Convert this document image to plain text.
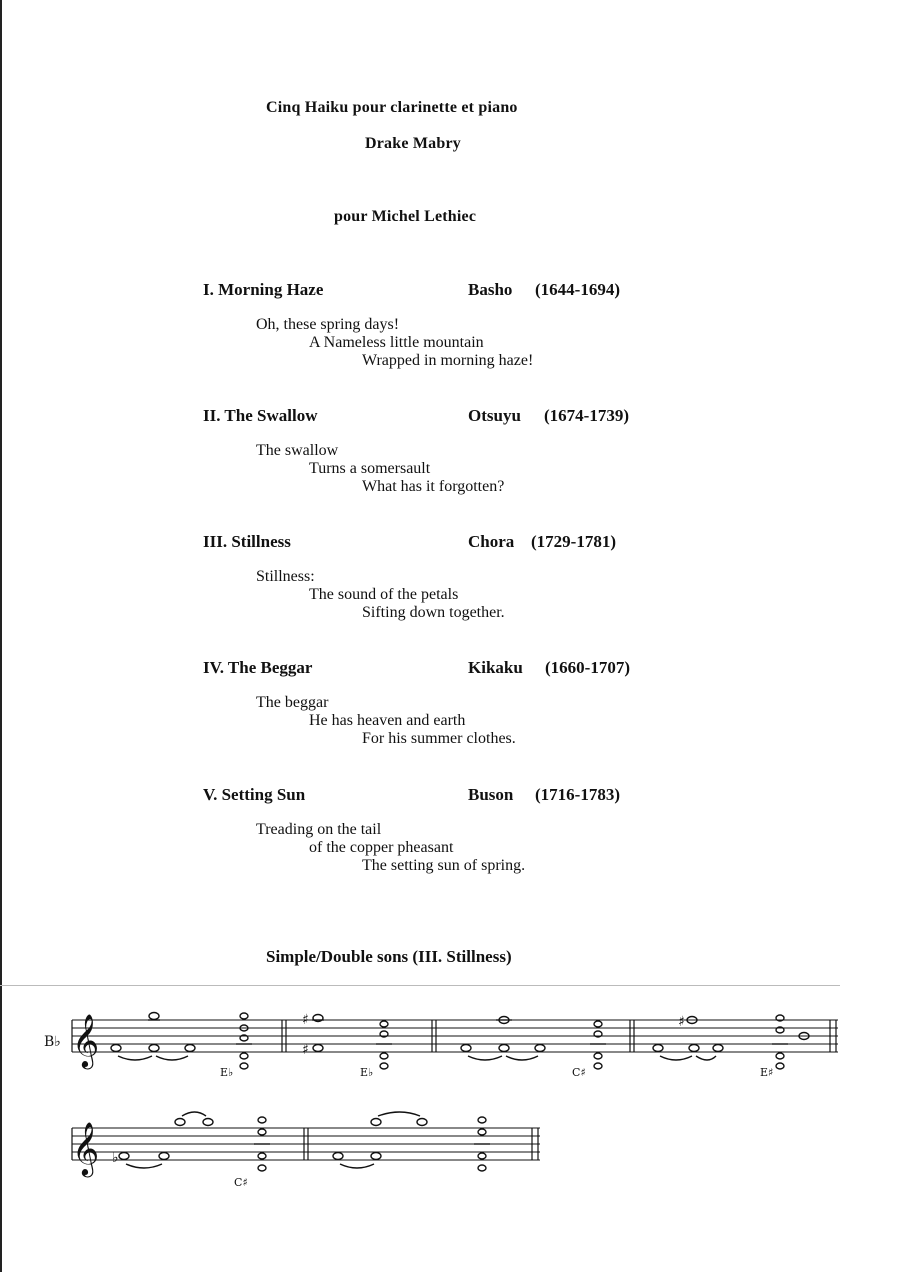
Cinq Haiku pour clarinette et piano
Drake Mabry
pour Michel Lethiec
I. Morning Haze	Basho (1644-1694)
Oh, these spring days!
A Nameless little mountain
Wrapped in morning haze!
II. The Swallow	Otsuyu (1674-1739)
The swallow
Turns a somersault
What has it forgotten?
III. Stillness	Chora (1729-1781)
Stillness:
The sound of the petals
Sifting down together.
IV. The Beggar	Kikaku (1660-1707)
The beggar
He has heaven and earth
For his summer clothes.
V. Setting Sun	Buson (1716-1783)
Treading on the tail
of the copper pheasant
The setting sun of spring.
Simple/Double sons (III. Stillness)
𝄞
𝄞
B♭
♯
♯
♯
♭
E♭	E♭	C♯	E♯
C♯
